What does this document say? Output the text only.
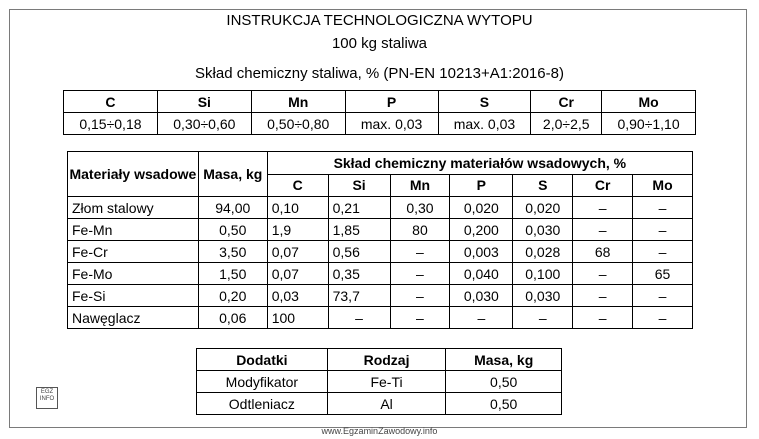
INSTRUKCJA TECHNOLOGICZNA WYTOPU
100 kg staliwa
Skład chemiczny staliwa, % (PN-EN 10213+A1:2016-8)
C	Si	Mn	P	S	Cr	Mo
0,15÷0,18	0,30÷0,60	0,50÷0,80	max. 0,03	max. 0,03	2,0÷2,5	0,90÷1,10
Materiały wsadowe	Masa, kg	Skład chemiczny materiałów wsadowych, %						
		C	Si	Mn	P	S	Cr	Mo
Złom stalowy	94,00	0,10	0,21	0,30	0,020	0,020	–	–
Fe-Mn	0,50	1,9	1,85	80	0,200	0,030	–	–
Fe-Cr	3,50	0,07	0,56	–	0,003	0,028	68	–
Fe-Mo	1,50	0,07	0,35	–	0,040	0,100	–	65
Fe-Si	0,20	0,03	73,7	–	0,030	0,030	–	–
Nawęglacz	0,06	100	–	–	–	–	–	–
Dodatki	Rodzaj	Masa, kg
Modyfikator	Fe-Ti	0,50
Odtleniacz	Al	0,50
EGZ INFO
www.EgzaminZawodowy.info
